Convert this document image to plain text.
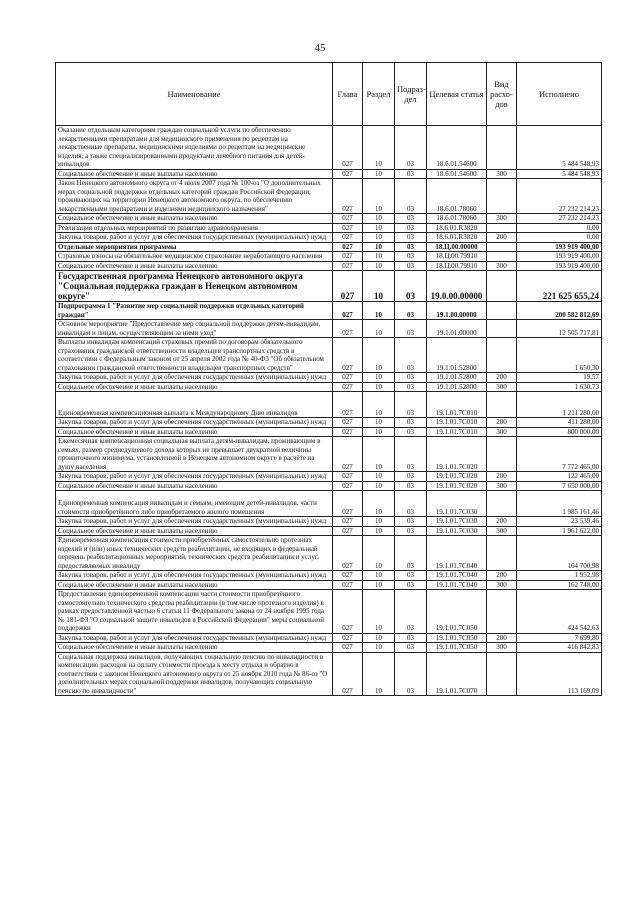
45
Наименование	Глава	Раздел	Подраз-дел	Целевая статья	Вид расхо-дов	Исполнено
Оказание отдельным категориям граждан социальной услуги по обеспечению лекарственными препаратами для медицинского применения по рецептам на лекарственные препараты, медицинскими изделиями по рецептам на медицинские изделия, а также специализированными продуктами лечебного питания для детей-инвалидов	027	10	03	18.6.01.54600		5 484 548,93
Социальное обеспечение и иные выплаты населению	027	10	03	18.6.01.54600	300	5 484 548,93
Закон Ненецкого автономного округа от 4 июля 2007 года № 100-оз "О дополнительных мерах социальной поддержки отдельных категорий граждан Российской Федерации, проживающих на территории Ненецкого автономного округа, по обеспечению лекарственными препаратами и изделиями медицинского назначения"	027	10	03	18.6.01.78060		27 232 214,23
Социальное обеспечение и иные выплаты населению	027	10	03	18.6.01.78060	300	27 232 214,23
Реализация отдельных мероприятий по развитию здравоохранения	027	10	03	18.6.01.R3820		0,00
Закупка товаров, работ и услуг для обеспечения государственных (муниципальных) нужд	027	10	03	18.6.01.R3820	200	0,00
Отдельные мероприятия программы	027	10	03	18.Ц.00.00000		193 919 400,00
Страховые взносы на обязательное медицинское страхование неработающего населения	027	10	03	18.Ц.00.79910		193 919 400,00
Социальное обеспечение и иные выплаты населению	027	10	03	18.Ц.00.79910	300	193 919 400,00
Государственная программа Ненецкого автономного округа "Социальная поддержка граждан в Ненецком автономном округе"	027	10	03	19.0.00.00000		221 625 655,24
Подпрограмма 1 "Развитие мер социальной поддержки отдельных категорий граждан"	027	10	03	19.1.00.00000		200 582 812,69
Основное мероприятие "Предоставление мер социальной поддержки детям-инвалидам, инвалидам и лицам, осуществляющим за ними уход"	027	10	03	19.1.01.00000		12 505 717,81
Выплаты инвалидам компенсаций страховых премий по договорам обязательного страхования гражданской ответственности владельцев транспортных средств в соответствии с Федеральным законом от 25 апреля 2002 года № 40-ФЗ "Об обязательном страховании гражданской ответственности владельцев транспортных средств"	027	10	03	19.1.01.52800		1 650,30
Закупка товаров, работ и услуг для обеспечения государственных (муниципальных) нужд	027	10	03	19.1.01.52800	200	19,57
Социальное обеспечение и иные выплаты населению	027	10	03	19.1.01.52800	300	1 630,73
Единовременная компенсационная выплата к Международному Дню инвалидов	027	10	03	19.1.01.7С010		1 211 280,00
Закупка товаров, работ и услуг для обеспечения государственных (муниципальных) нужд	027	10	03	19.1.01.7С010	200	411 280,00
Социальное обеспечение и иные выплаты населению	027	10	03	19.1.01.7С010	300	800 000,00
Ежемесячная компенсационная социальная выплата детям-инвалидам, проживающим в семьях, размер среднедушевого дохода которых не превышает двукратной величины прожиточного минимума, установленной в Ненецком автономном округе в расчёте на душу населения	027	10	03	19.1.01.7С020		7 772 465,00
Закупка товаров, работ и услуг для обеспечения государственных (муниципальных) нужд	027	10	03	19.1.01.7С020	200	122 465,00
Социальное обеспечение и иные выплаты населению	027	10	03	19.1.01.7С020	300	7 650 000,00
Единовременная компенсация инвалидам и семьям, имеющим детей-инвалидов, части стоимости приобретённого либо приобретаемого жилого помещения	027	10	03	19.1.01.7С030		1 985 161,46
Закупка товаров, работ и услуг для обеспечения государственных (муниципальных) нужд	027	10	03	19.1.01.7С030	200	23 539,46
Социальное обеспечение и иные выплаты населению	027	10	03	19.1.01.7С030	300	1 961 622,00
Единовременная компенсация стоимости приобретённых самостоятельно протезных изделий и (или) иных технических средств реабилитации, не входящих в федеральный перечень реабилитационных мероприятий, технических средств реабилитации и услуг, предоставляемых инвалиду	027	10	03	19.1.01.7С040		164 700,98
Закупка товаров, работ и услуг для обеспечения государственных (муниципальных) нужд	027	10	03	19.1.01.7С040	200	1 952,98
Социальное обеспечение и иные выплаты населению	027	10	03	19.1.01.7С040	300	162 748,00
Предоставление единовременной компенсации части стоимости приобретённого самостоятельно технического средства реабилитации (в том числе протезного изделия) в рамках предоставленной частью 6 статьи 11 Федерального закона от 24 ноября 1995 года № 181-ФЗ "О социальной защите инвалидов в Российской Федерации" меры социальной поддержки	027	10	03	19.1.01.7С050		424 542,63
Закупка товаров, работ и услуг для обеспечения государственных (муниципальных) нужд	027	10	03	19.1.01.7С050	200	7 699,80
Социальное обеспечение и иные выплаты населению	027	10	03	19.1.01.7С050	300	416 842,83
Социальная поддержка инвалидов, получающих социальную пенсию по инвалидности в компенсацию расходов на оплату стоимости проезда к месту отдыха и обратно в соответствии с законом Ненецкого автономного округа от 25 ноября 2010 года № 86-оз "О дополнительных мерах социальной поддержки инвалидов, получающих социальную пенсию по инвалидности"	027	10	03	19.1.01.7С070		113 169,09
